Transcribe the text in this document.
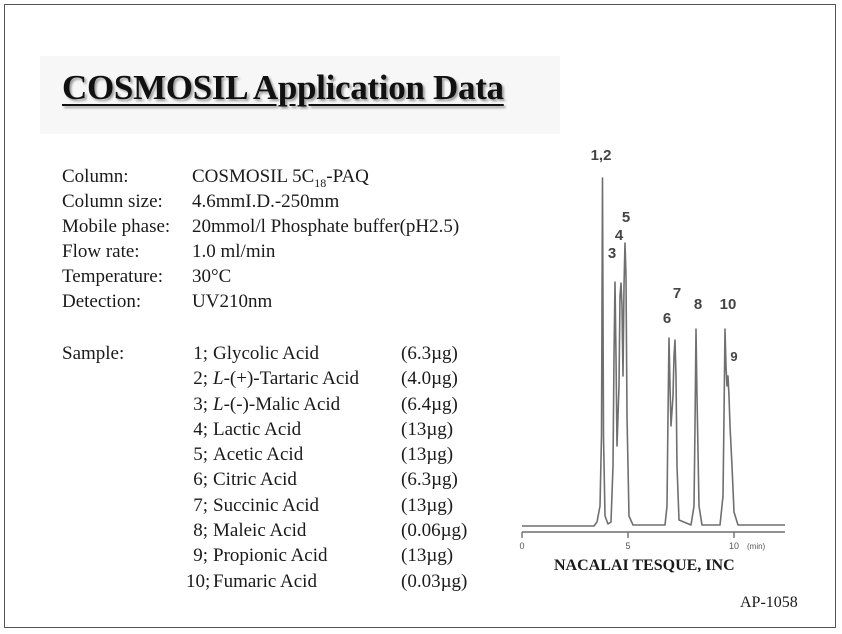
COSMOSIL Application Data
Column:	COSMOSIL $5C_{18}$-PAQ
Column size:	4.6mmI.D.-250mm
Mobile phase:	20mmol/l Phosphate buffer(pH2.5)
Flow rate:	1.0 ml/min
Temperature:	30°C
Detection:	UV210nm
Sample:	1; Glycolic Acid	(6.3µg)
2; L-(+)-Tartaric Acid	(4.0µg)
3; L-(-)-Malic Acid	(6.4µg)
4; Lactic Acid	(13µg)
5; Acetic Acid	(13µg)
6; Citric Acid	(6.3µg)
7; Succinic Acid	(13µg)
8; Maleic Acid	(0.06µg)
9; Propionic Acid	(13µg)
10; Fumaric Acid	(0.03µg)
0	5	10 (min)
1,2
3
4
5
6
7
8 10
9
NACALAI TESQUE, INC
AP-1058
